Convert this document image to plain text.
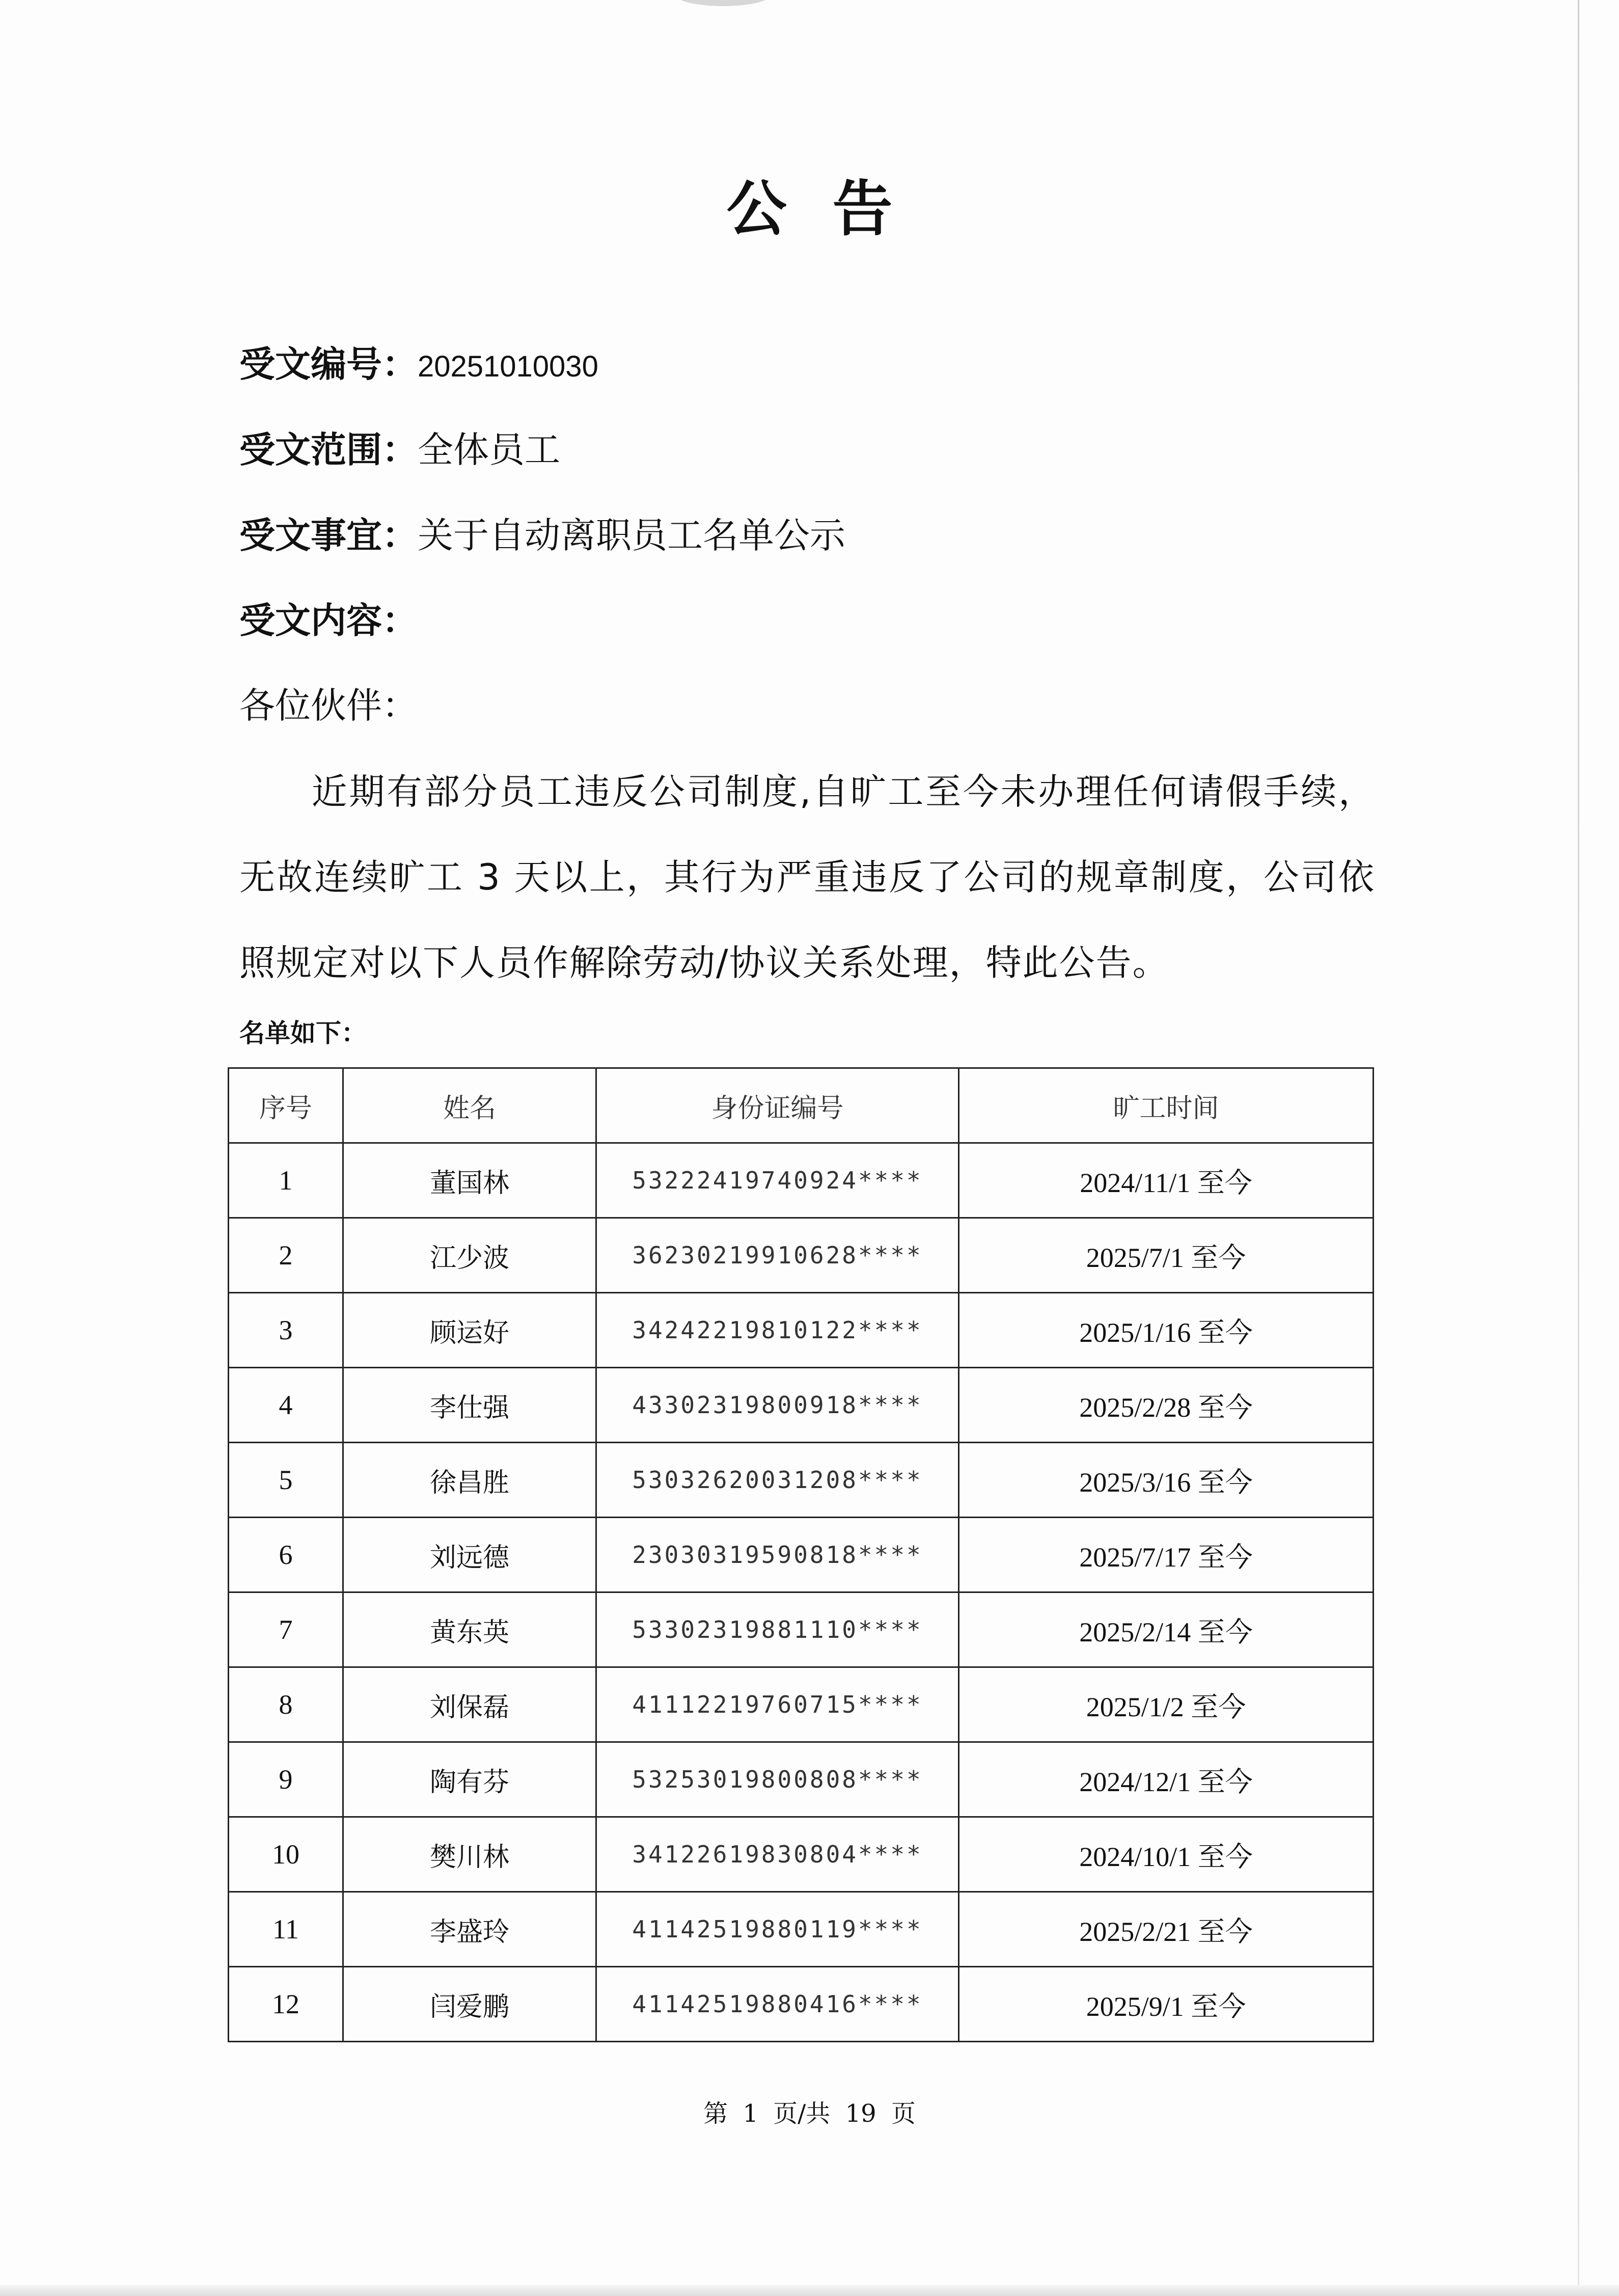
公告
受文编号：20251010030
受文范围：全体员工
受文事宜：关于自动离职员工名单公示
受文内容：
各位伙伴：
近期有部分员工违反公司制度,自旷工至今未办理任何请假手续，无故连续旷工 3 天以上，其行为严重违反了公司的规章制度，公司依照规定对以下人员作解除劳动/协议关系处理，特此公告。
名单如下：
序号	姓名	身份证编号	旷工时间
1	董国林	53222419740924****	2024/11/1 至今
2	江少波	36230219910628****	2025/7/1 至今
3	顾运好	34242219810122****	2025/1/16 至今
4	李仕强	43302319800918****	2025/2/28 至今
5	徐昌胜	53032620031208****	2025/3/16 至今
6	刘远德	23030319590818****	2025/7/17 至今
7	黄东英	53302319881110****	2025/2/14 至今
8	刘保磊	41112219760715****	2025/1/2 至今
9	陶有芬	53253019800808****	2024/12/1 至今
10	樊川林	34122619830804****	2024/10/1 至今
11	李盛玲	41142519880119****	2025/2/21 至今
12	闫爱鹏	41142519880416****	2025/9/1 至今
第 1 页/共 19 页
